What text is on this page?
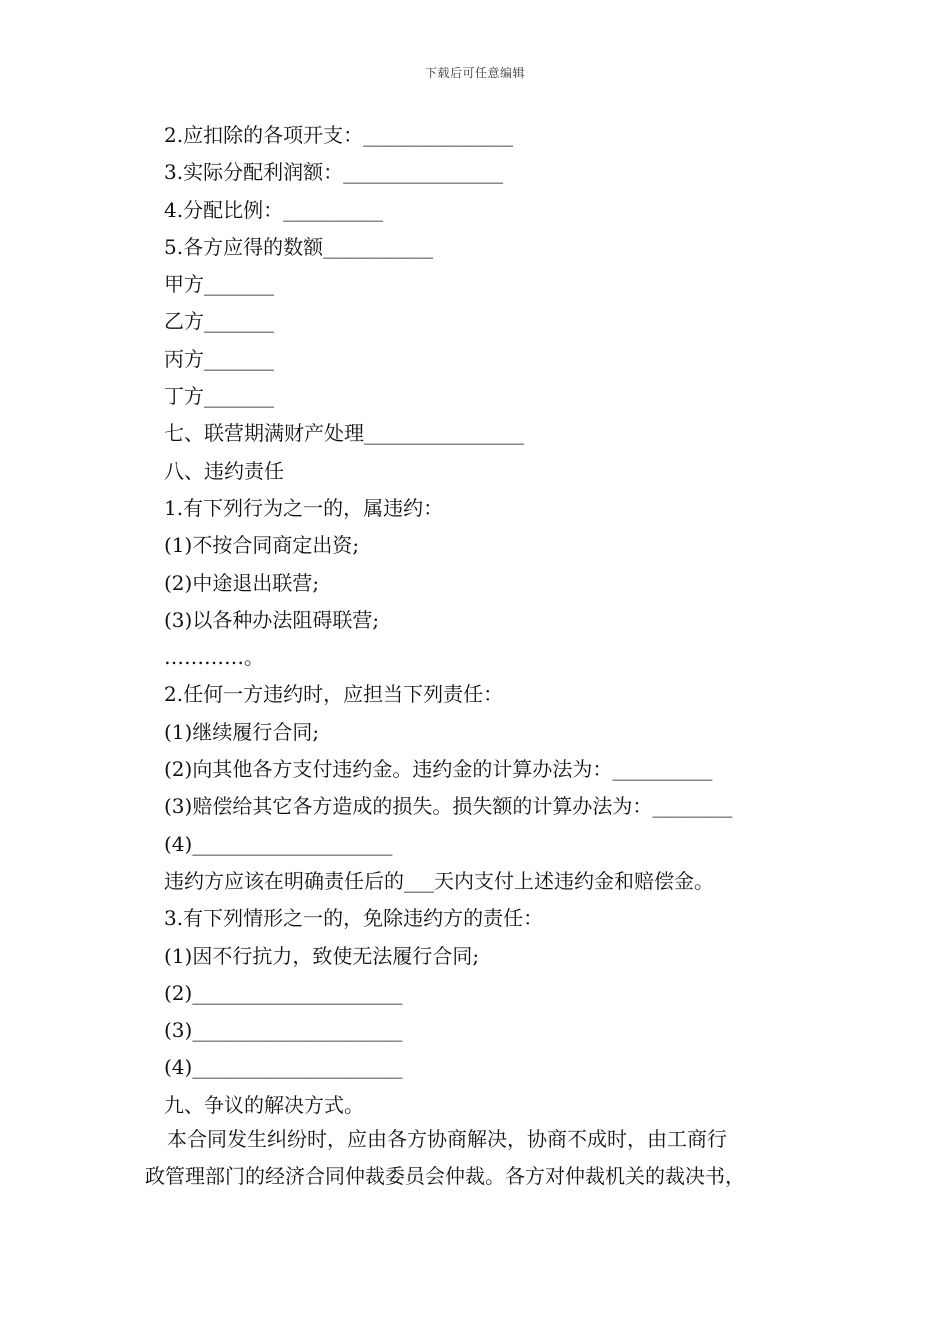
下载后可任意编辑
2.应扣除的各项开支：_______________
3.实际分配利润额：________________
4.分配比例：__________
5.各方应得的数额___________
甲方_______
乙方_______
丙方_______
丁方_______
七、联营期满财产处理________________
八、违约责任
1.有下列行为之一的，属违约：
(1)不按合同商定出资;
(2)中途退出联营;
(3)以各种办法阻碍联营;
…………。
2.任何一方违约时，应担当下列责任：
(1)继续履行合同;
(2)向其他各方支付违约金。违约金的计算办法为：__________
(3)赔偿给其它各方造成的损失。损失额的计算办法为：________
(4)____________________
违约方应该在明确责任后的___天内支付上述违约金和赔偿金。
3.有下列情形之一的，免除违约方的责任：
(1)因不行抗力，致使无法履行合同;
(2)_____________________
(3)_____________________
(4)_____________________
九、争议的解决方式。
本合同发生纠纷时，应由各方协商解决，协商不成时，由工商行
政管理部门的经济合同仲裁委员会仲裁。各方对仲裁机关的裁决书，
